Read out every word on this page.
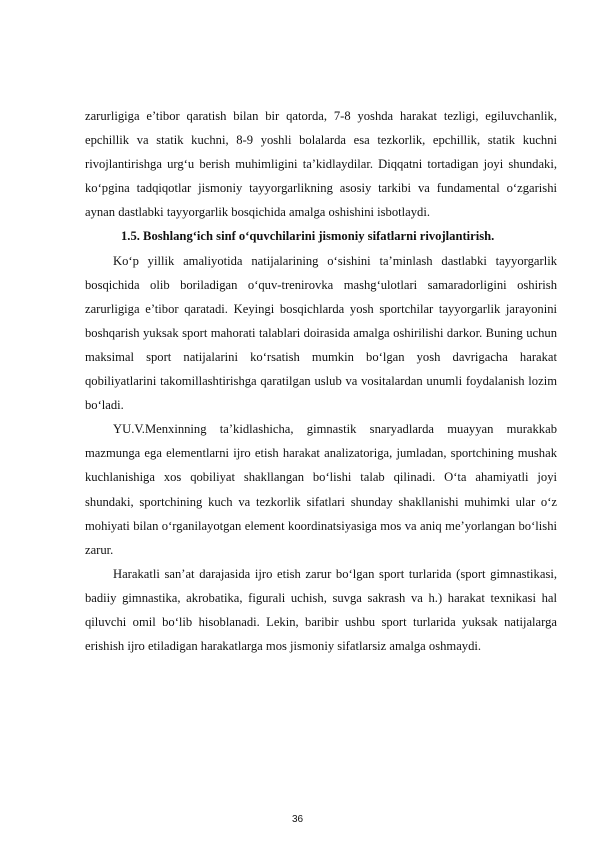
zarurligiga e’tibor qaratish bilan bir qatorda, 7-8 yoshda harakat tezligi, egiluvchanlik, epchillik va statik kuchni, 8-9 yoshli bolalarda esa tezkorlik, epchillik, statik kuchni rivojlantirishga urg‘u berish muhimligini ta’kidlaydilar. Diqqatni tortadigan joyi shundaki, ko‘pgina tadqiqotlar jismoniy tayyorgarlikning asosiy tarkibi va fundamental o‘zgarishi aynan dastlabki tayyorgarlik bosqichida amalga oshishini isbotlaydi.

1.5. Boshlang‘ich sinf o‘quvchilarini jismoniy sifatlarni rivojlantirish.

Ko‘p yillik amaliyotida natijalarining o‘sishini ta’minlash dastlabki tayyorgarlik bosqichida olib boriladigan o‘quv-trenirovka mashg‘ulotlari samaradorligini oshirish zarurligiga e’tibor qaratadi. Keyingi bosqichlarda yosh sportchilar tayyorgarlik jarayonini boshqarish yuksak sport mahorati talablari doirasida amalga oshirilishi darkor. Buning uchun maksimal sport natijalarini ko‘rsatish mumkin bo‘lgan yosh davrigacha harakat qobiliyatlarini takomillashtirishga qaratilgan uslub va vositalardan unumli foydalanish lozim bo‘ladi.

YU.V.Menxinning ta’kidlashicha, gimnastik snaryadlarda muayyan murakkab mazmunga ega elementlarni ijro etish harakat analizatoriga, jumladan, sportchining mushak kuchlanishiga xos qobiliyat shakllangan bo‘lishi talab qilinadi. O‘ta ahamiyatli joyi shundaki, sportchining kuch va tezkorlik sifatlari shunday shakllanishi muhimki ular o‘z mohiyati bilan o‘rganilayotgan element koordinatsiyasiga mos va aniq me’yorlangan bo‘lishi zarur.

Harakatli san’at darajasida ijro etish zarur bo‘lgan sport turlarida (sport gimnastikasi, badiiy gimnastika, akrobatika, figurali uchish, suvga sakrash va h.) harakat texnikasi hal qiluvchi omil bo‘lib hisoblanadi. Lekin, baribir ushbu sport turlarida yuksak natijalarga erishish ijro etiladigan harakatlarga mos jismoniy sifatlarsiz amalga oshmaydi.

36
